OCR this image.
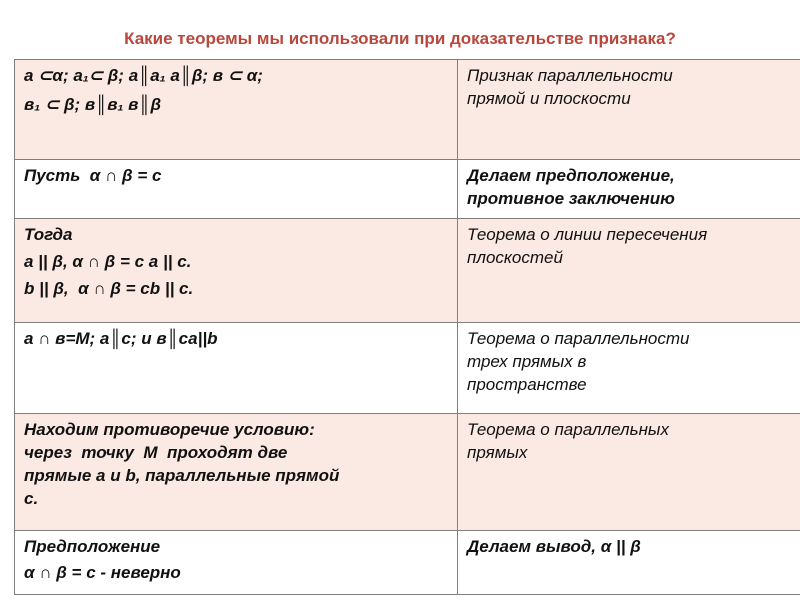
Какие теоремы мы использовали при доказательстве признака?
а ⊂α; а₁⊂ β; а║а₁ а║β; в ⊂ α;
в₁ ⊂ β; в║в₁ в║β	Признак параллельности
прямой и плоскости

Пусть  α ∩ β = с	Делаем предположение,
противное заключению

Тогда
a || β, α ∩ β = с a || с.
b || β,  α ∩ β = сb || с.	Теорема о линии пересечения
плоскостей

а ∩ в=М; а║с; и в║сa||b	Теорема о параллельности
трех прямых в
пространстве
Находим противоречие условию:
через  точку  М  проходят две
прямые а и b, параллельные прямой
с.	Теорема о параллельных
прямых

Предположение
α ∩ β = с - неверно	Делаем вывод, α || β
